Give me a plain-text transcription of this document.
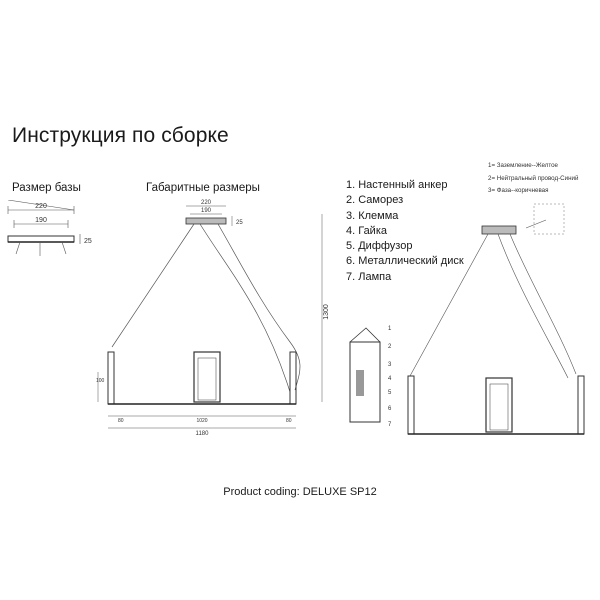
Инструкция по сборке
Размер базы	Габаритные размеры	1. Настенный анкер
2. Саморез
3. Клемма
4. Гайка
5. Диффузор
6. Металлический диск
7. Лампа
1= Заземление--Желтое
2= Нейтральный провод-Синий
3= Фаза--коричневая
220
190
25
220
190
25
1300
100
80	1020	80
1180
1
2
3
4
5
6
7
Product coding: DELUXE SP12
